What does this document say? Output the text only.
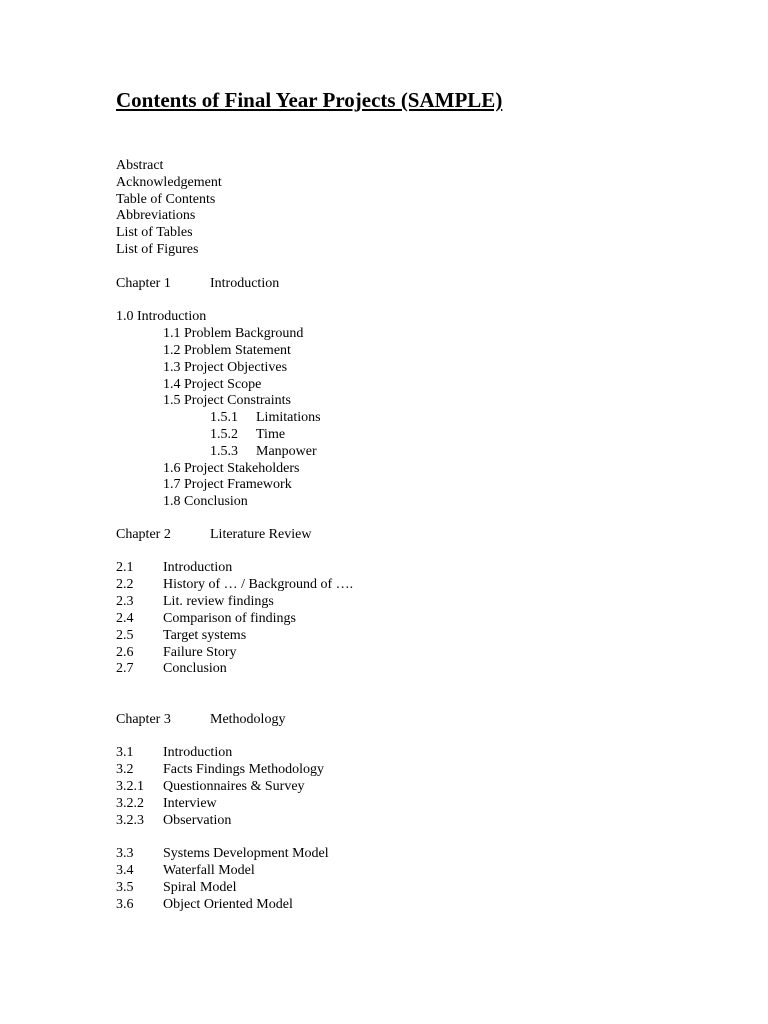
Contents of Final Year Projects (SAMPLE)
Abstract
Acknowledgement
Table of Contents
Abbreviations
List of Tables
List of Figures
Chapter 1	Introduction
1.0 Introduction
1.1 Problem Background
1.2 Problem Statement
1.3 Project Objectives
1.4 Project Scope
1.5 Project Constraints
1.5.1 Limitations
1.5.2 Time
1.5.3 Manpower
1.6 Project Stakeholders
1.7 Project Framework
1.8 Conclusion
Chapter 2	Literature Review
2.1 Introduction
2.2 History of … / Background of ….
2.3 Lit. review findings
2.4 Comparison of findings
2.5 Target systems
2.6 Failure Story
2.7 Conclusion
Chapter 3	Methodology
3.1 Introduction
3.2 Facts Findings Methodology
3.2.1 Questionnaires & Survey
3.2.2 Interview
3.2.3 Observation
3.3 Systems Development Model
3.4 Waterfall Model
3.5 Spiral Model
3.6 Object Oriented Model
